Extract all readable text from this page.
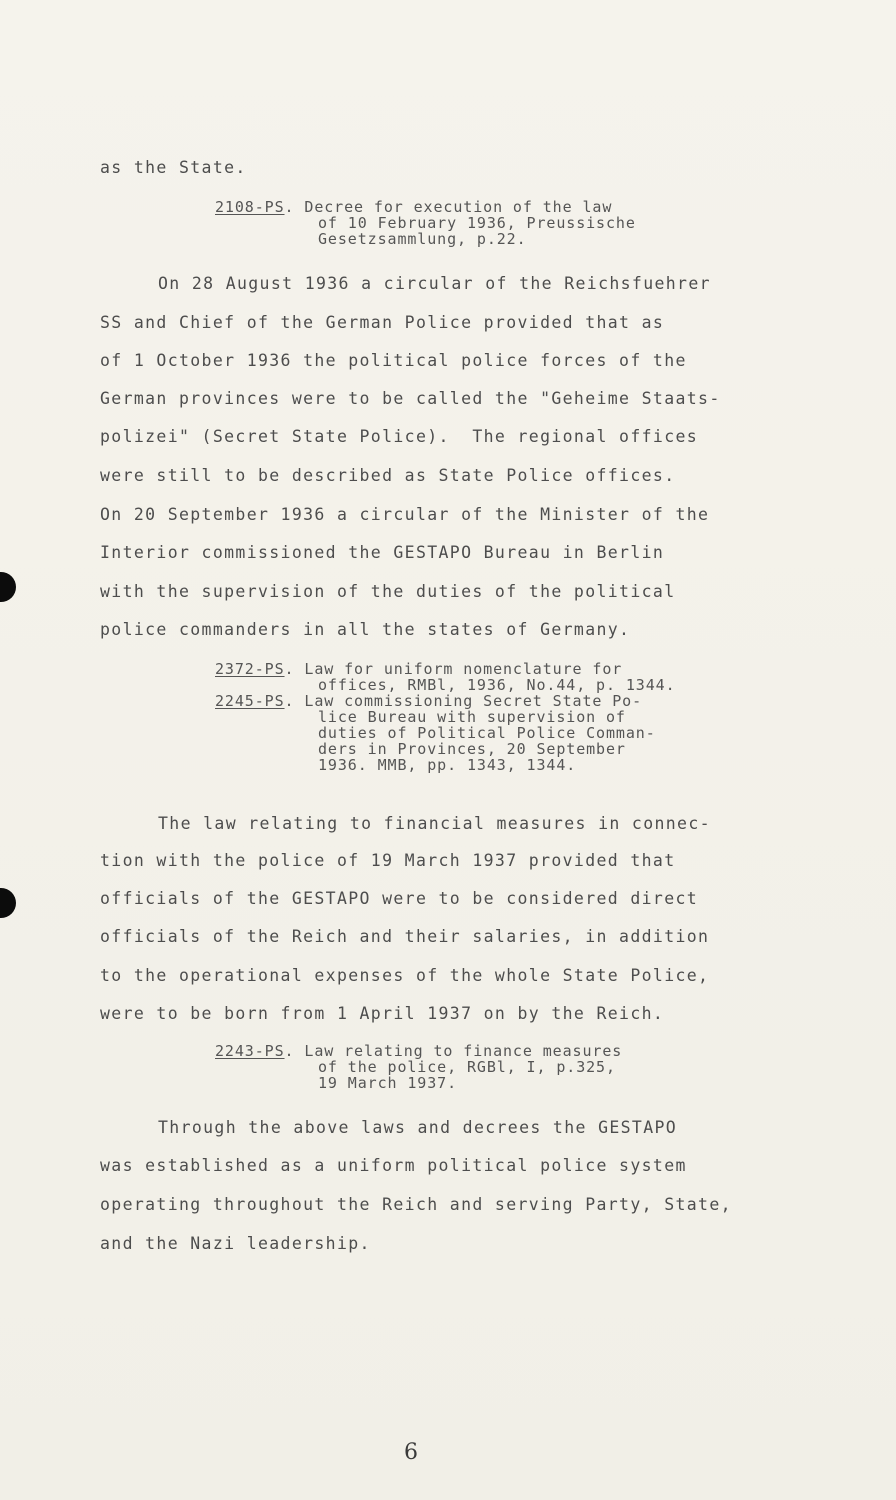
as the State.
2108-PS. Decree for execution of the law
of 10 February 1936, Preussische
Gesetzsammlung, p.22.
On 28 August 1936 a circular of the Reichsfuehrer
SS and Chief of the German Police provided that as
of 1 October 1936 the political police forces of the
German provinces were to be called the "Geheime Staats-
polizei" (Secret State Police).  The regional offices
were still to be described as State Police offices.
On 20 September 1936 a circular of the Minister of the
Interior commissioned the GESTAPO Bureau in Berlin
with the supervision of the duties of the political
police commanders in all the states of Germany.
2372-PS. Law for uniform nomenclature for
offices, RMBl, 1936, No.44, p. 1344.
2245-PS. Law commissioning Secret State Po-
lice Bureau with supervision of
duties of Political Police Comman-
ders in Provinces, 20 September
1936. MMB, pp. 1343, 1344.
The law relating to financial measures in connec-
tion with the police of 19 March 1937 provided that
officials of the GESTAPO were to be considered direct
officials of the Reich and their salaries, in addition
to the operational expenses of the whole State Police,
were to be born from 1 April 1937 on by the Reich.
2243-PS. Law relating to finance measures
of the police, RGBl, I, p.325,
19 March 1937.
Through the above laws and decrees the GESTAPO
was established as a uniform political police system
operating throughout the Reich and serving Party, State,
and the Nazi leadership.
6
